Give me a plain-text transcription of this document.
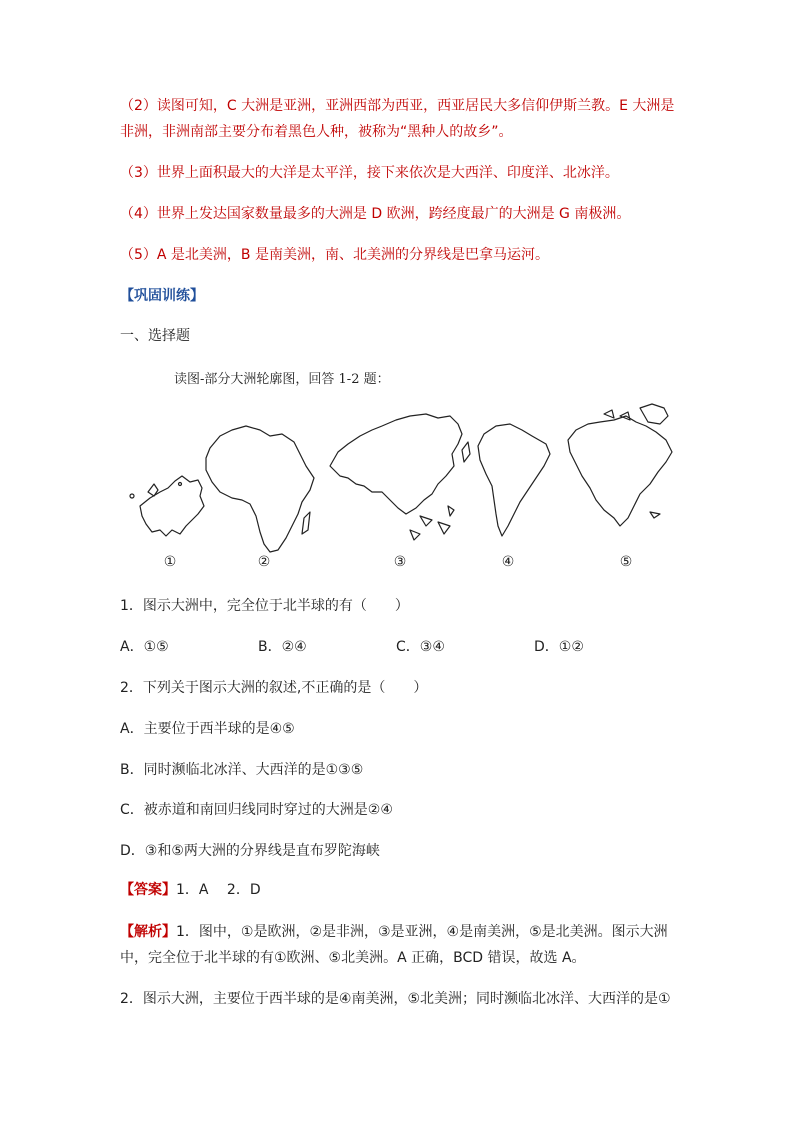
（2）读图可知，C 大洲是亚洲，亚洲西部为西亚，西亚居民大多信仰伊斯兰教。E 大洲是
非洲，非洲南部主要分布着黑色人种，被称为“黑种人的故乡”。
（3）世界上面积最大的大洋是太平洋，接下来依次是大西洋、印度洋、北冰洋。
（4）世界上发达国家数量最多的大洲是 D 欧洲，跨经度最广的大洲是 G 南极洲。
（5）A 是北美洲，B 是南美洲，南、北美洲的分界线是巴拿马运河。
【巩固训练】
一、选择题
读图-部分大洲轮廓图，回答 1-2 题：
①	②	③	④	⑤
1．图示大洲中，完全位于北半球的有（　　）
A．①⑤	B．②④	C．③④	D．①②
2．下列关于图示大洲的叙述,不正确的是（　　）
A．主要位于西半球的是④⑤
B．同时濒临北冰洋、大西洋的是①③⑤
C．被赤道和南回归线同时穿过的大洲是②④
D．③和⑤两大洲的分界线是直布罗陀海峡
【答案】1．A　 2．D
【解析】1．图中，①是欧洲，②是非洲，③是亚洲，④是南美洲，⑤是北美洲。图示大洲
中，完全位于北半球的有①欧洲、⑤北美洲。A 正确，BCD 错误，故选 A。
2．图示大洲，主要位于西半球的是④南美洲，⑤北美洲；同时濒临北冰洋、大西洋的是①
